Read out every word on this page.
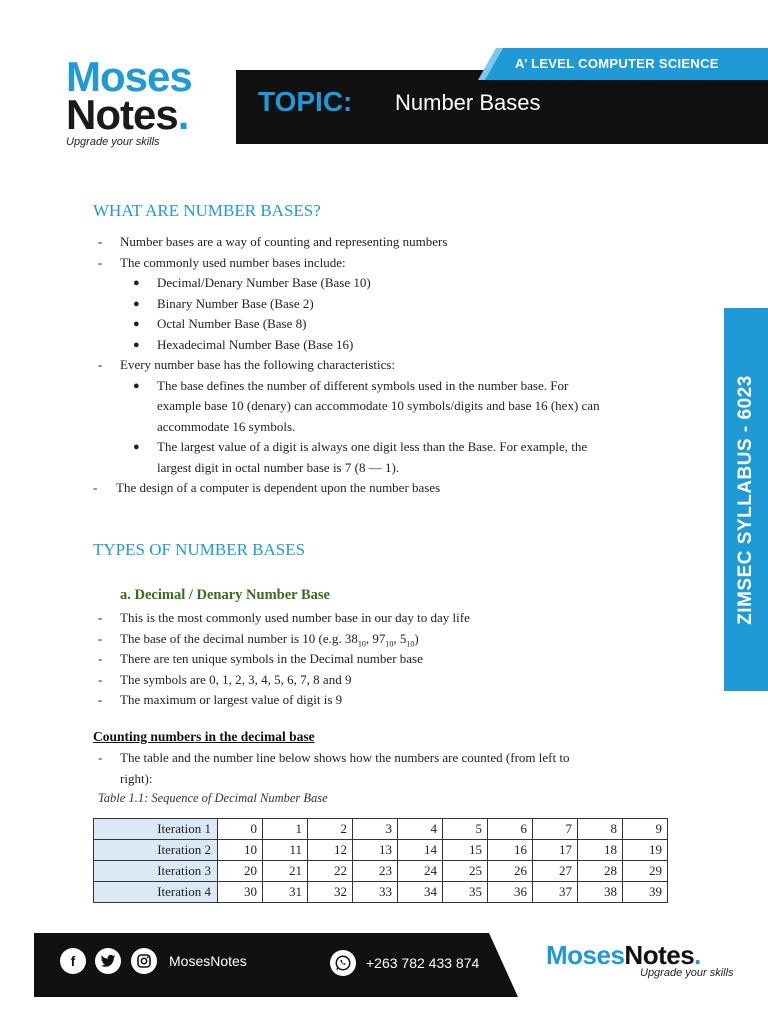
Moses
Notes.
Upgrade your skills
TOPIC: Number Bases
A’ LEVEL COMPUTER SCIENCE
ZIMSEC SYLLABUS - 6023
WHAT ARE NUMBER BASES?
- Number bases are a way of counting and representing numbers
- The commonly used number bases include:
● Decimal/Denary Number Base (Base 10)
● Binary Number Base (Base 2)
● Octal Number Base (Base 8)
● Hexadecimal Number Base (Base 16)
- Every number base has the following characteristics:
● The base defines the number of different symbols used in the number base. For
example base 10 (denary) can accommodate 10 symbols/digits and base 16 (hex) can
accommodate 16 symbols.
● The largest value of a digit is always one digit less than the Base. For example, the
largest digit in octal number base is 7 (8 — 1).
- The design of a computer is dependent upon the number bases
TYPES OF NUMBER BASES
a. Decimal / Denary Number Base
- This is the most commonly used number base in our day to day life
- The base of the decimal number is 10 (e.g. $38_{10}$, $97_{10}$, $5_{10}$)
- There are ten unique symbols in the Decimal number base
- The symbols are 0, 1, 2, 3, 4, 5, 6, 7, 8 and 9
- The maximum or largest value of digit is 9
Counting numbers in the decimal base
- The table and the number line below shows how the numbers are counted (from left to
right):
Table 1.1: Sequence of Decimal Number Base
Iteration 1	0	1	2	3	4	5	6	7	8	9
Iteration 2	10	11	12	13	14	15	16	17	18	19
Iteration 3	20	21	22	23	24	25	26	27	28	29
Iteration 4	30	31	32	33	34	35	36	37	38	39
f	MosesNotes	+263 782 433 874	MosesNotes.
Upgrade your skills
